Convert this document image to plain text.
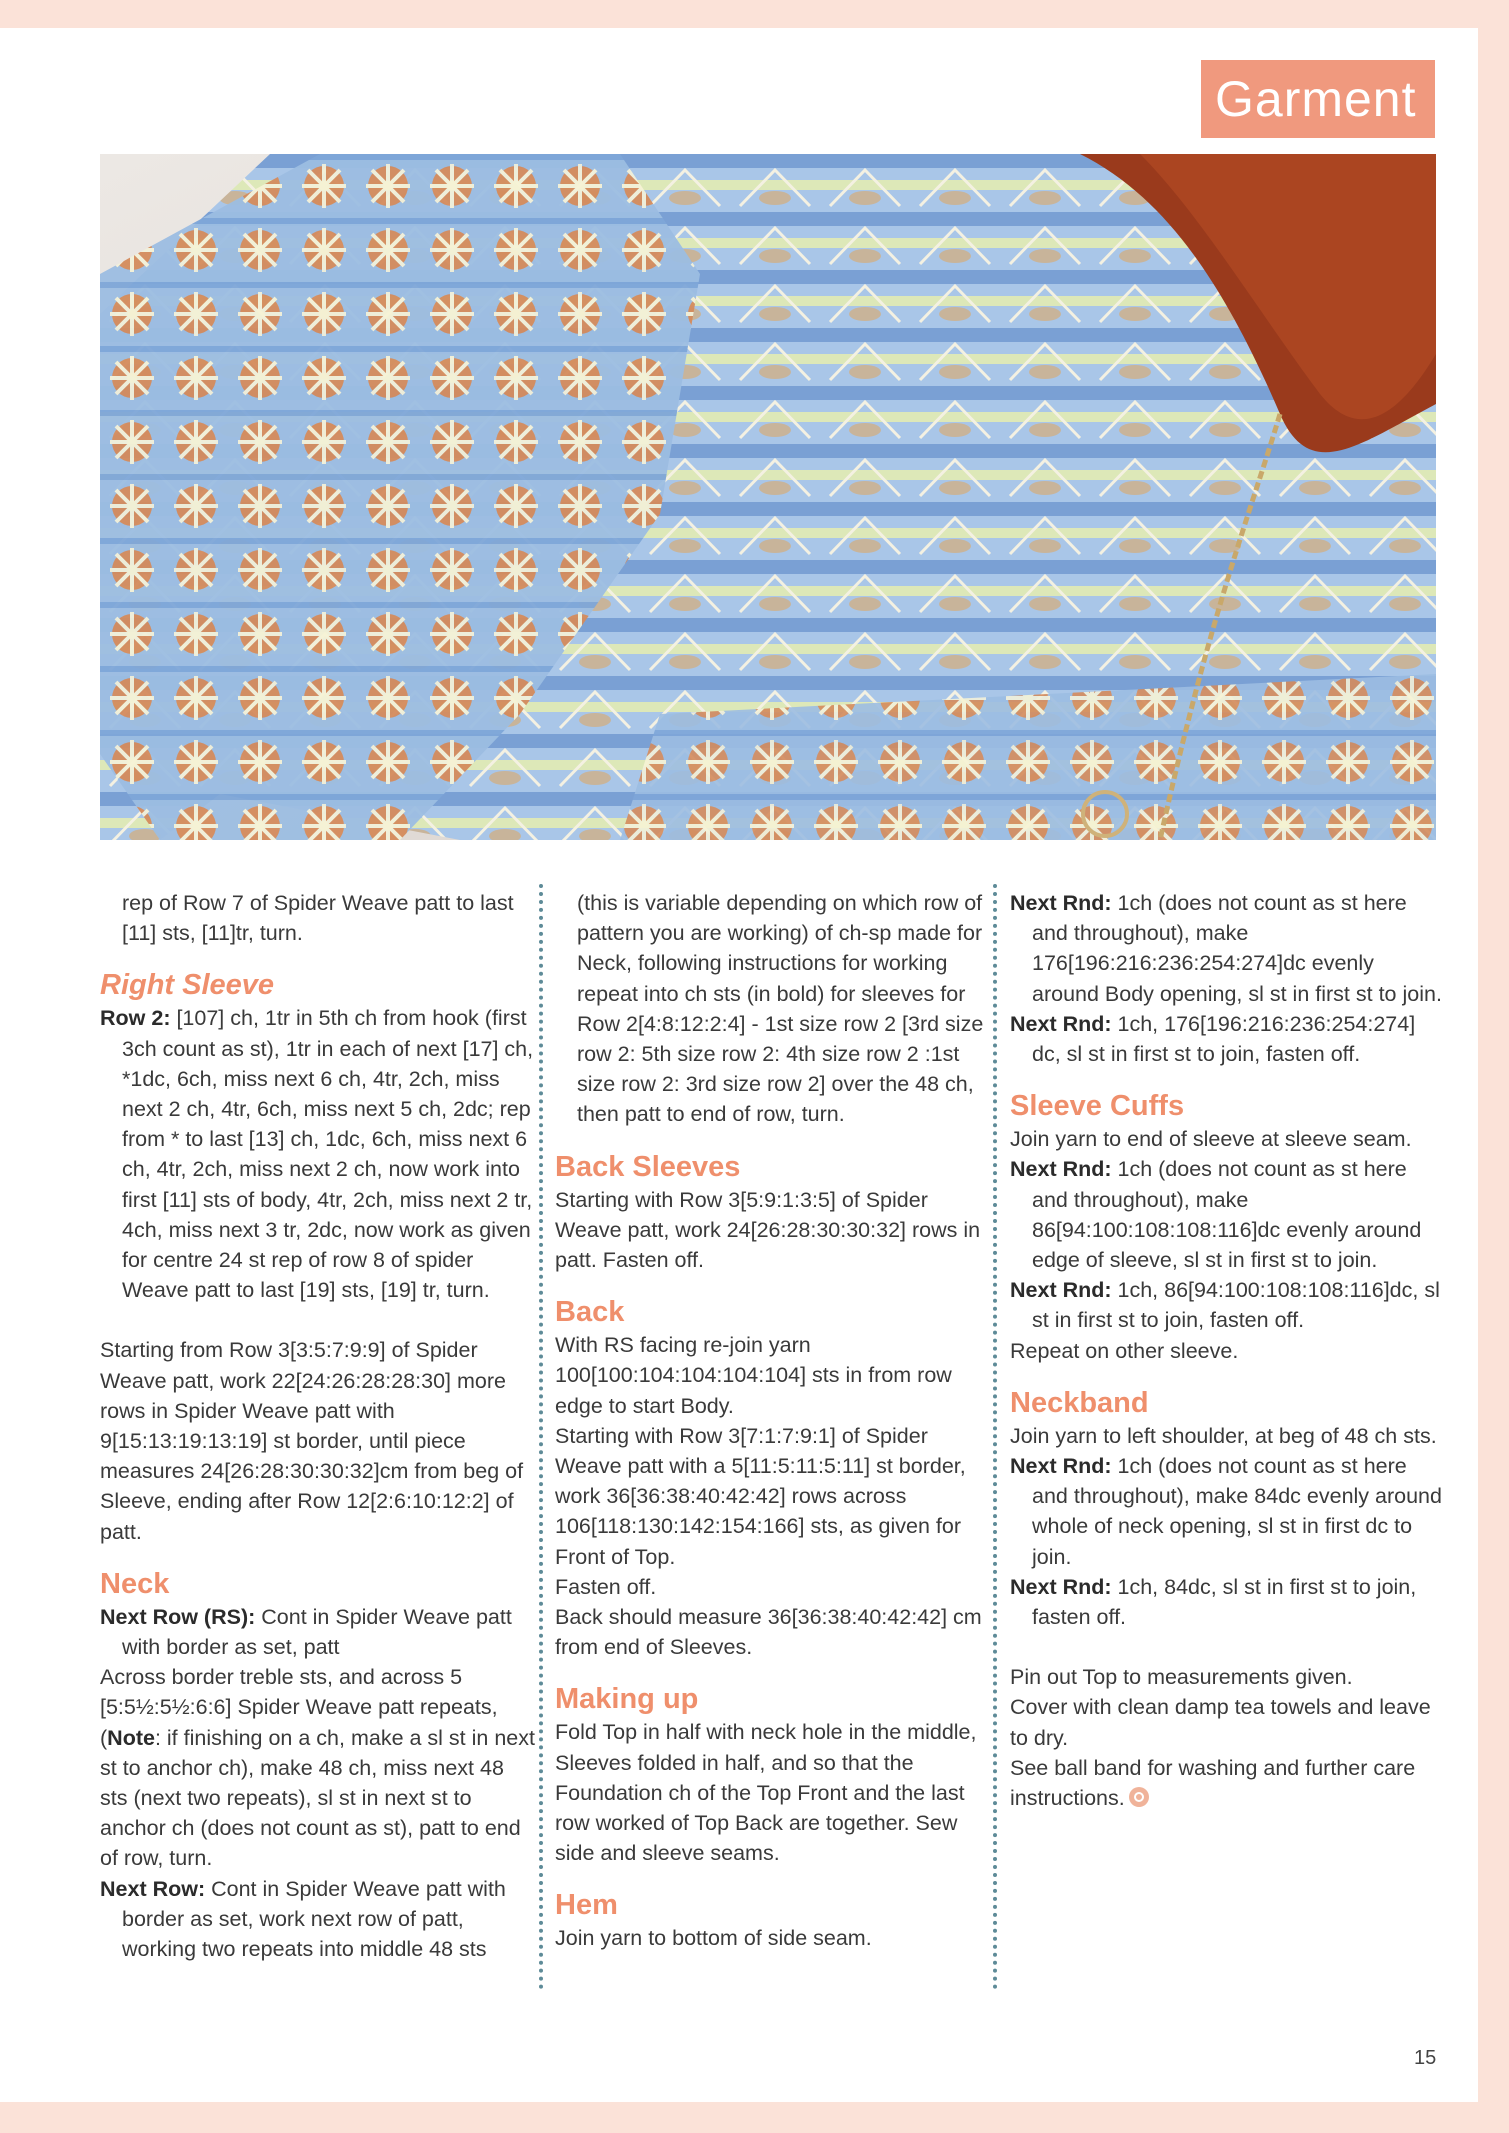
Garment

rep of Row 7 of Spider Weave patt to last [11] sts, [11]tr, turn.

Right Sleeve

Row 2: [107] ch, 1tr in 5th ch from hook (first 3ch count as st), 1tr in each of next [17] ch, *1dc, 6ch, miss next 6 ch, 4tr, 2ch, miss next 2 ch, 4tr, 6ch, miss next 5 ch, 2dc; rep from * to last [13] ch, 1dc, 6ch, miss next 6 ch, 4tr, 2ch, miss next 2 ch, now work into first [11] sts of body, 4tr, 2ch, miss next 2 tr, 4ch, miss next 3 tr, 2dc, now work as given for centre 24 st rep of row 8 of spider Weave patt to last [19] sts, [19] tr, turn.

Starting from Row 3[3:5:7:9:9] of Spider Weave patt, work 22[24:26:28:28:30] more rows in Spider Weave patt with 9[15:13:19:13:19] st border, until piece measures 24[26:28:30:30:32]cm from beg of Sleeve, ending after Row 12[2:6:10:12:2] of patt.

Neck

Next Row (RS): Cont in Spider Weave patt with border as set, patt

Across border treble sts, and across 5 [5:5½:5½:6:6] Spider Weave patt repeats, (Note: if finishing on a ch, make a sl st in next st to anchor ch), make 48 ch, miss next 48 sts (next two repeats), sl st in next st to anchor ch (does not count as st), patt to end of row, turn.

Next Row: Cont in Spider Weave patt with border as set, work next row of patt, working two repeats into middle 48 sts

(this is variable depending on which row of pattern you are working) of ch-sp made for Neck, following instructions for working repeat into ch sts (in bold) for sleeves for Row 2[4:8:12:2:4] - 1st size row 2 [3rd size row 2: 5th size row 2: 4th size row 2 :1st size row 2: 3rd size row 2] over the 48 ch, then patt to end of row, turn.

Back Sleeves

Starting with Row 3[5:9:1:3:5] of Spider Weave patt, work 24[26:28:30:30:32] rows in patt. Fasten off.

Back

With RS facing re-join yarn 100[100:104:104:104:104] sts in from row edge to start Body.

Starting with Row 3[7:1:7:9:1] of Spider Weave patt with a 5[11:5:11:5:11] st border, work 36[36:38:40:42:42] rows across 106[118:130:142:154:166] sts, as given for Front of Top.

Fasten off.

Back should measure 36[36:38:40:42:42] cm from end of Sleeves.

Making up

Fold Top in half with neck hole in the middle, Sleeves folded in half, and so that the Foundation ch of the Top Front and the last row worked of Top Back are together. Sew side and sleeve seams.

Hem

Join yarn to bottom of side seam.

Next Rnd: 1ch (does not count as st here and throughout), make 176[196:216:236:254:274]dc evenly around Body opening, sl st in first st to join.

Next Rnd: 1ch, 176[196:216:236:254:274] dc, sl st in first st to join, fasten off.

Sleeve Cuffs

Join yarn to end of sleeve at sleeve seam.

Next Rnd: 1ch (does not count as st here and throughout), make 86[94:100:108:108:116]dc evenly around edge of sleeve, sl st in first st to join.

Next Rnd: 1ch, 86[94:100:108:108:116]dc, sl st in first st to join, fasten off.

Repeat on other sleeve.

Neckband

Join yarn to left shoulder, at beg of 48 ch sts.

Next Rnd: 1ch (does not count as st here and throughout), make 84dc evenly around whole of neck opening, sl st in first dc to join.

Next Rnd: 1ch, 84dc, sl st in first st to join, fasten off.

Pin out Top to measurements given.

Cover with clean damp tea towels and leave to dry.

See ball band for washing and further care instructions.

15
